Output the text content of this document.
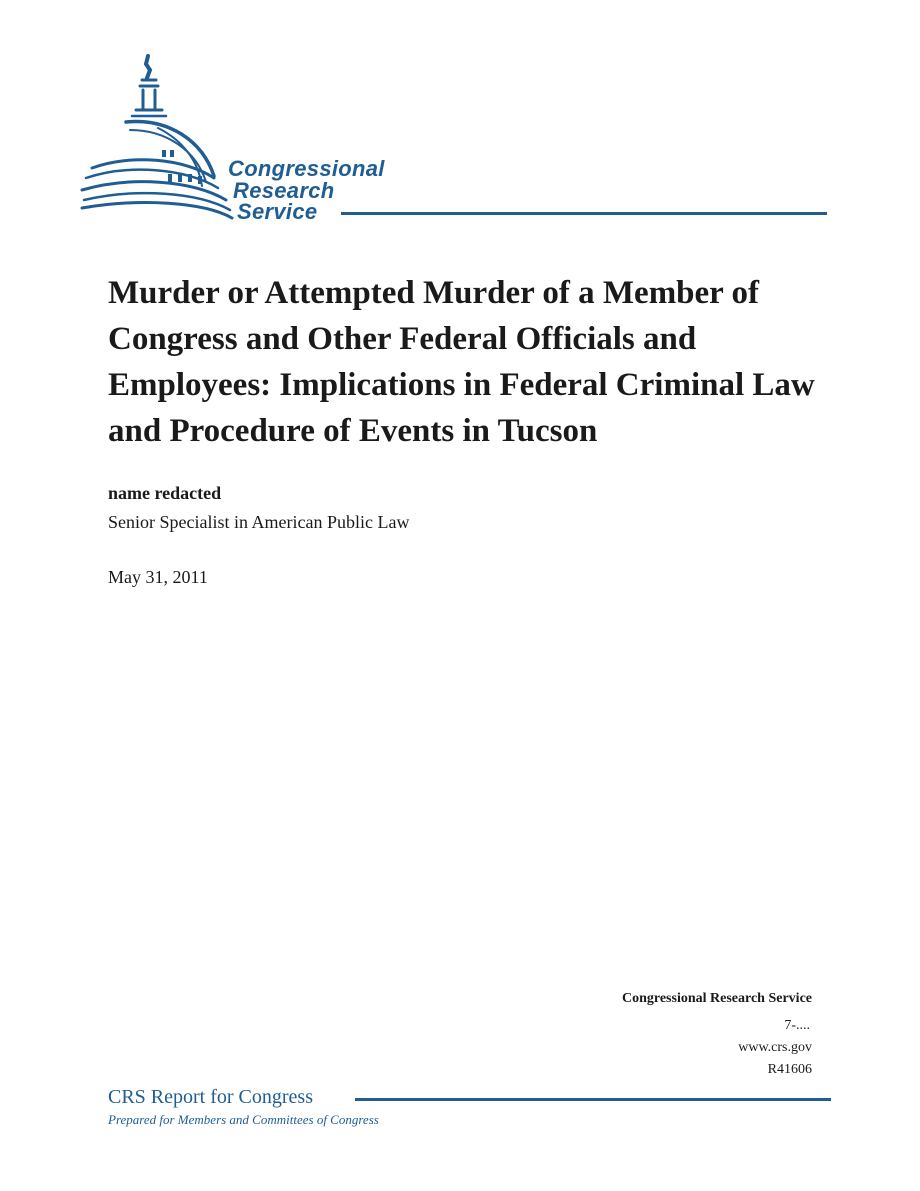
Congressional
Research
Service
Murder or Attempted Murder of a Member of Congress and Other Federal Officials and Employees: Implications in Federal Criminal Law and Procedure of Events in Tucson
name redacted
Senior Specialist in American Public Law
May 31, 2011
Congressional Research Service
7-....
www.crs.gov
R41606
CRS Report for Congress
Prepared for Members and Committees of Congress
